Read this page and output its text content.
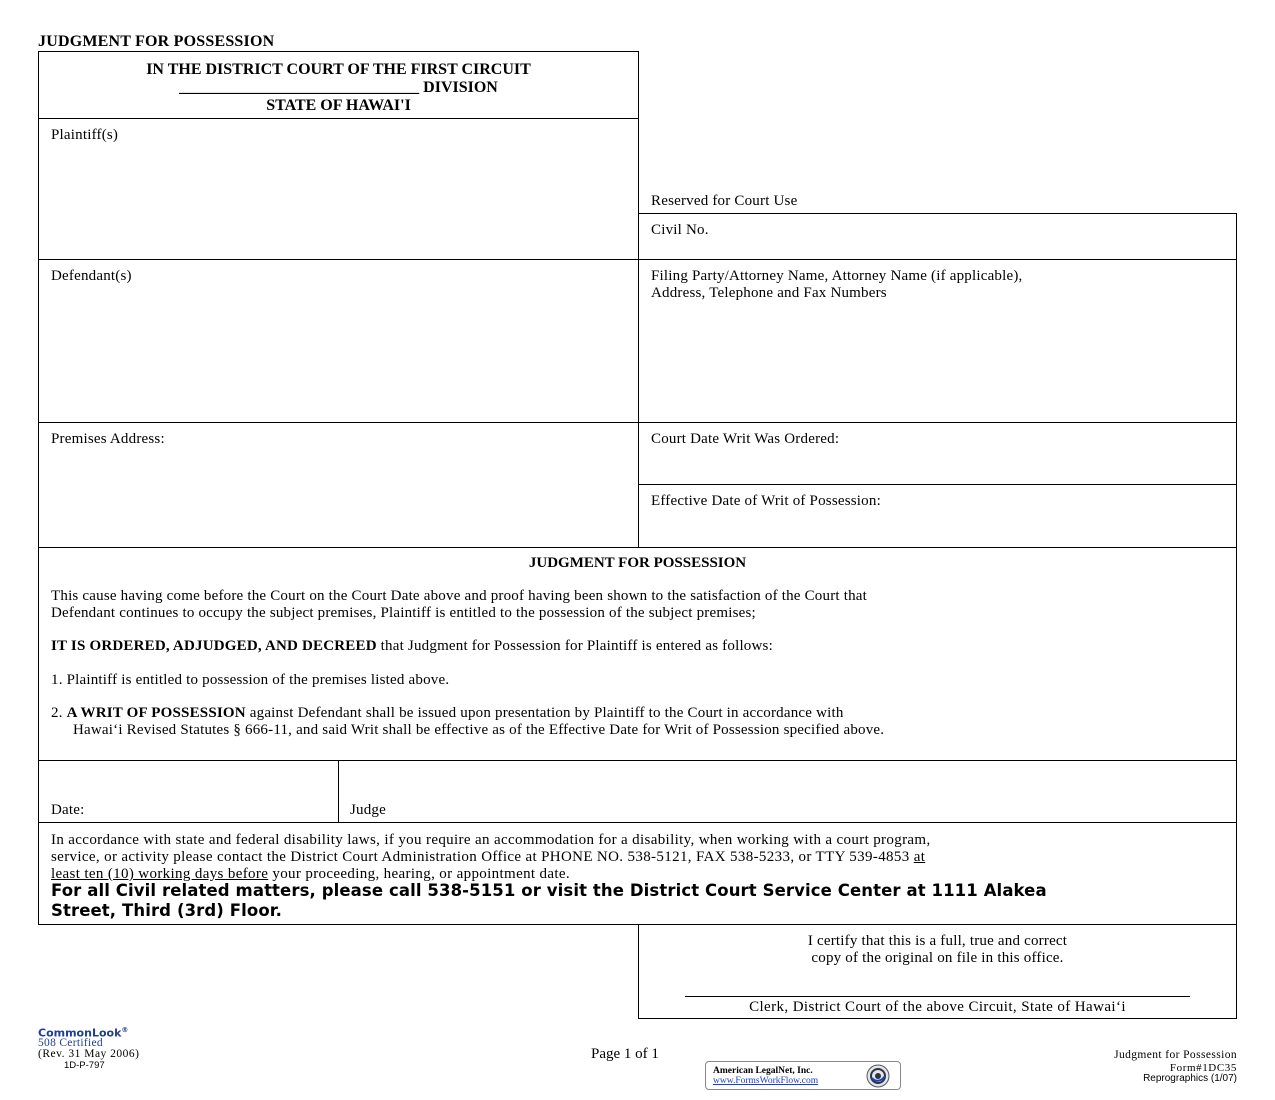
JUDGMENT FOR POSSESSION
IN THE DISTRICT COURT OF THE FIRST CIRCUIT
______________________________ DIVISION
STATE OF HAWAI'I
Plaintiff(s)
Reserved for Court Use
Civil No.
Defendant(s)	Filing Party/Attorney Name, Attorney Name (if applicable),
Address, Telephone and Fax Numbers
Premises Address:	Court Date Writ Was Ordered:
Effective Date of Writ of Possession:
JUDGMENT FOR POSSESSION
This cause having come before the Court on the Court Date above and proof having been shown to the satisfaction of the Court that
Defendant continues to occupy the subject premises, Plaintiff is entitled to the possession of the subject premises;
IT IS ORDERED, ADJUDGED, AND DECREED that Judgment for Possession for Plaintiff is entered as follows:
1. Plaintiff is entitled to possession of the premises listed above.
2. A WRIT OF POSSESSION against Defendant shall be issued upon presentation by Plaintiff to the Court in accordance with
Hawai‘i Revised Statutes § 666-11, and said Writ shall be effective as of the Effective Date for Writ of Possession specified above.
Date:	Judge
In accordance with state and federal disability laws, if you require an accommodation for a disability, when working with a court program,
service, or activity please contact the District Court Administration Office at PHONE NO. 538-5121, FAX 538-5233, or TTY 539-4853 at
least ten (10) working days before your proceeding, hearing, or appointment date.
For all Civil related matters, please call 538-5151 or visit the District Court Service Center at 1111 Alakea
Street, Third (3rd) Floor.
I certify that this is a full, true and correct
copy of the original on file in this office.
Clerk, District Court of the above Circuit, State of Hawai‘i
CommonLook®
508 Certified
(Rev. 31 May 2006)
1D-P-797
Page 1 of 1
American LegalNet, Inc.
www.FormsWorkFlow.com
Judgment for Possession
Form#1DC35
Reprographics (1/07)
